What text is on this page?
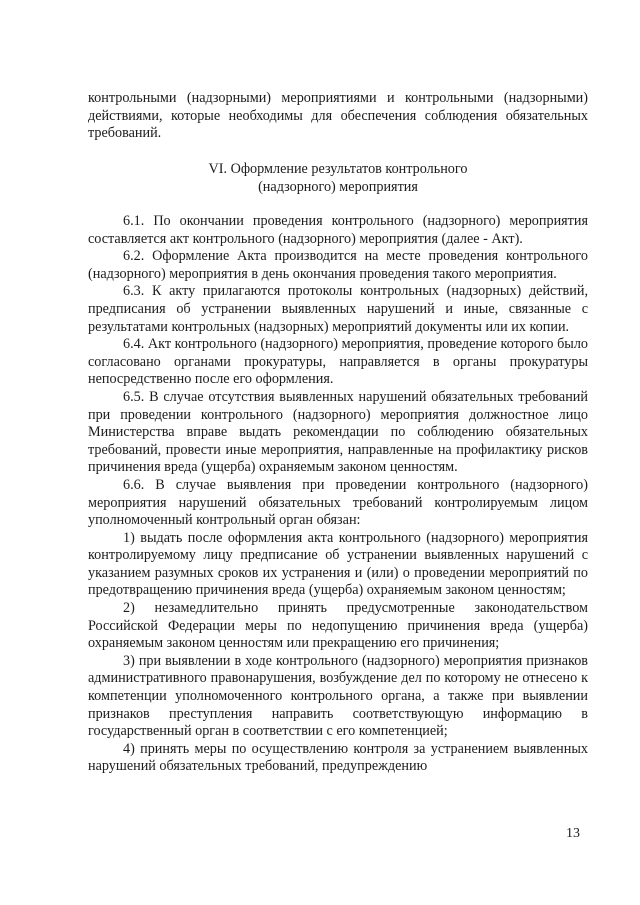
контрольными (надзорными) мероприятиями и контрольными (надзорными) действиями, которые необходимы для обеспечения соблюдения обязательных требований.

VI. Оформление результатов контрольного

(надзорного) мероприятия

6.1. По окончании проведения контрольного (надзорного) мероприятия составляется акт контрольного (надзорного) мероприятия (далее - Акт).

6.2. Оформление Акта производится на месте проведения контрольного (надзорного) мероприятия в день окончания проведения такого мероприятия.

6.3. К акту прилагаются протоколы контрольных (надзорных) действий, предписания об устранении выявленных нарушений и иные, связанные с результатами контрольных (надзорных) мероприятий документы или их копии.

6.4. Акт контрольного (надзорного) мероприятия, проведение которого было согласовано органами прокуратуры, направляется в органы прокуратуры непосредственно после его оформления.

6.5. В случае отсутствия выявленных нарушений обязательных требований при проведении контрольного (надзорного) мероприятия должностное лицо Министерства вправе выдать рекомендации по соблюдению обязательных требований, провести иные мероприятия, направленные на профилактику рисков причинения вреда (ущерба) охраняемым законом ценностям.

6.6. В случае выявления при проведении контрольного (надзорного) мероприятия нарушений обязательных требований контролируемым лицом уполномоченный контрольный орган обязан:

1) выдать после оформления акта контрольного (надзорного) мероприятия контролируемому лицу предписание об устранении выявленных нарушений с указанием разумных сроков их устранения и (или) о проведении мероприятий по предотвращению причинения вреда (ущерба) охраняемым законом ценностям;

2) незамедлительно принять предусмотренные законодательством Российской Федерации меры по недопущению причинения вреда (ущерба) охраняемым законом ценностям или прекращению его причинения;

3) при выявлении в ходе контрольного (надзорного) мероприятия признаков административного правонарушения, возбуждение дел по которому не отнесено к компетенции уполномоченного контрольного органа, а также при выявлении признаков преступления направить соответствующую информацию в государственный орган в соответствии с его компетенцией;

4) принять меры по осуществлению контроля за устранением выявленных нарушений обязательных требований, предупреждению

13
